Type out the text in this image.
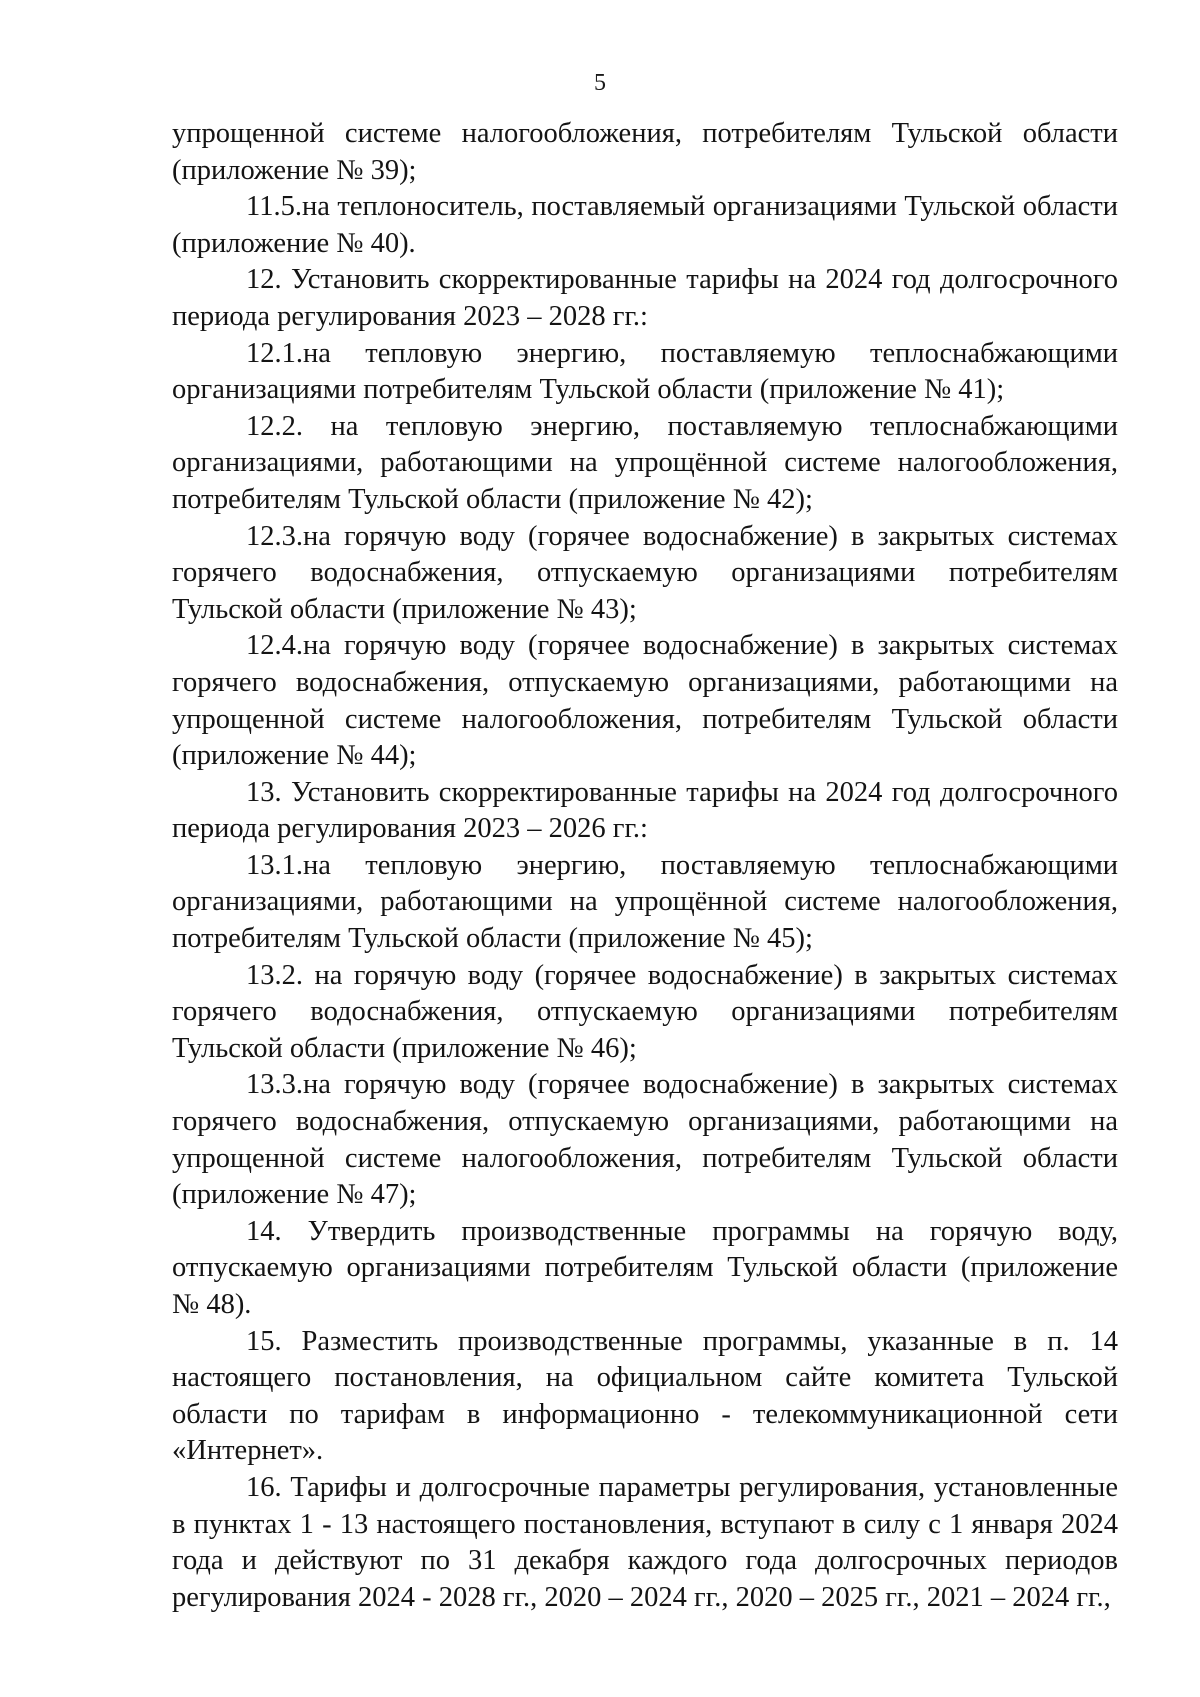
5

упрощенной системе налогообложения, потребителям Тульской области (приложение № 39);

11.5.на теплоноситель, поставляемый организациями Тульской области (приложение № 40).

12. Установить скорректированные тарифы на 2024 год долгосрочного периода регулирования 2023 – 2028 гг.:

12.1.на тепловую энергию, поставляемую теплоснабжающими организациями потребителям Тульской области (приложение № 41);

12.2. на тепловую энергию, поставляемую теплоснабжающими организациями, работающими на упрощённой системе налогообложения, потребителям Тульской области (приложение № 42);

12.3.на горячую воду (горячее водоснабжение) в закрытых системах горячего водоснабжения, отпускаемую организациями потребителям Тульской области (приложение № 43);

12.4.на горячую воду (горячее водоснабжение) в закрытых системах горячего водоснабжения, отпускаемую организациями, работающими на упрощенной системе налогообложения, потребителям Тульской области (приложение № 44);

13. Установить скорректированные тарифы на 2024 год долгосрочного периода регулирования 2023 – 2026 гг.:

13.1.на тепловую энергию, поставляемую теплоснабжающими организациями, работающими на упрощённой системе налогообложения, потребителям Тульской области (приложение № 45);

13.2. на горячую воду (горячее водоснабжение) в закрытых системах горячего водоснабжения, отпускаемую организациями потребителям Тульской области (приложение № 46);

13.3.на горячую воду (горячее водоснабжение) в закрытых системах горячего водоснабжения, отпускаемую организациями, работающими на упрощенной системе налогообложения, потребителям Тульской области (приложение № 47);

14. Утвердить производственные программы на горячую воду, отпускаемую организациями потребителям Тульской области (приложение № 48).

15. Разместить производственные программы, указанные в п. 14 настоящего постановления, на официальном сайте комитета Тульской области по тарифам в информационно - телекоммуникационной сети «Интернет».

16. Тарифы и долгосрочные параметры регулирования, установленные в пунктах 1 - 13 настоящего постановления, вступают в силу с 1 января 2024 года и действуют по 31 декабря каждого года долгосрочных периодов регулирования 2024 - 2028 гг., 2020 – 2024 гг., 2020 – 2025 гг., 2021 – 2024 гг.,
